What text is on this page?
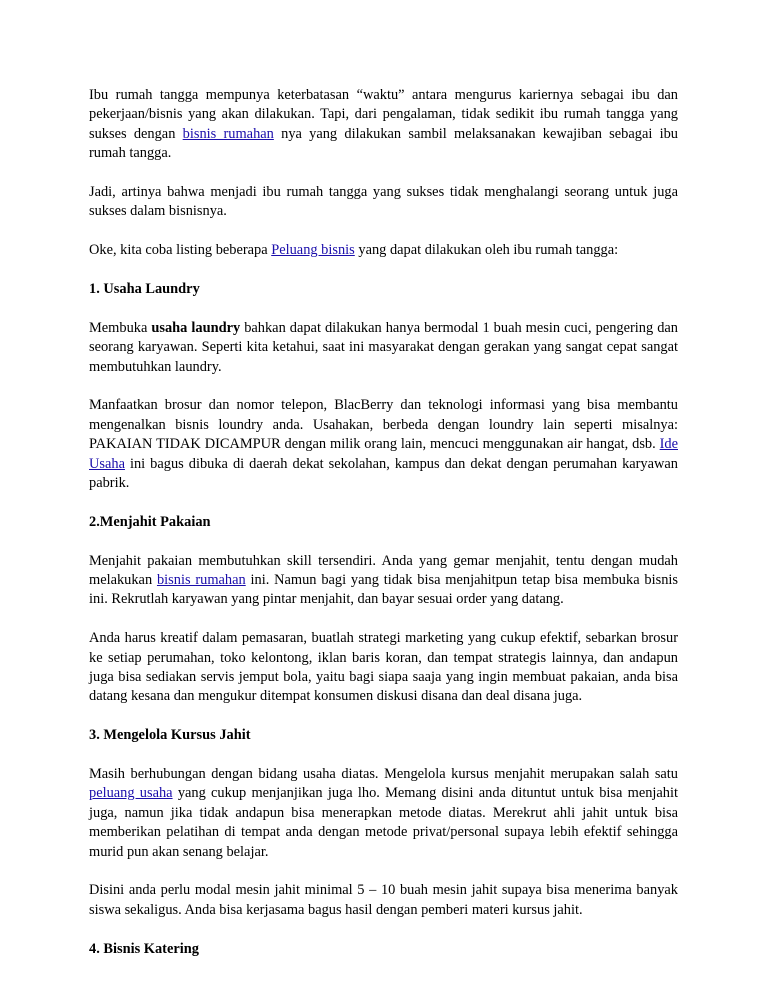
Ibu rumah tangga mempunya keterbatasan “waktu” antara mengurus kariernya sebagai ibu dan pekerjaan/bisnis yang akan dilakukan. Tapi, dari pengalaman, tidak sedikit ibu rumah tangga yang sukses dengan bisnis rumahan nya yang dilakukan sambil melaksanakan kewajiban sebagai ibu rumah tangga.

Jadi, artinya bahwa menjadi ibu rumah tangga yang sukses tidak menghalangi seorang untuk juga sukses dalam bisnisnya.

Oke, kita coba listing beberapa Peluang bisnis yang dapat dilakukan oleh ibu rumah tangga:

1. Usaha Laundry

Membuka usaha laundry bahkan dapat dilakukan hanya bermodal 1 buah mesin cuci, pengering dan seorang karyawan. Seperti kita ketahui, saat ini masyarakat dengan gerakan yang sangat cepat sangat membutuhkan laundry.

Manfaatkan brosur dan nomor telepon, BlacBerry dan teknologi informasi yang bisa membantu mengenalkan bisnis loundry anda. Usahakan, berbeda dengan loundry lain seperti misalnya: PAKAIAN TIDAK DICAMPUR dengan milik orang lain, mencuci menggunakan air hangat, dsb. Ide Usaha ini bagus dibuka di daerah dekat sekolahan, kampus dan dekat dengan perumahan karyawan pabrik.

2.Menjahit Pakaian

Menjahit pakaian membutuhkan skill tersendiri. Anda yang gemar menjahit, tentu dengan mudah melakukan bisnis rumahan ini. Namun bagi yang tidak bisa menjahitpun tetap bisa membuka bisnis ini. Rekrutlah karyawan yang pintar menjahit, dan bayar sesuai order yang datang.

Anda harus kreatif dalam pemasaran, buatlah strategi marketing yang cukup efektif, sebarkan brosur ke setiap perumahan, toko kelontong, iklan baris koran, dan tempat strategis lainnya, dan andapun juga bisa sediakan servis jemput bola, yaitu bagi siapa saaja yang ingin membuat pakaian, anda bisa datang kesana dan mengukur ditempat konsumen diskusi disana dan deal disana juga.

3. Mengelola Kursus Jahit

Masih berhubungan dengan bidang usaha diatas. Mengelola kursus menjahit merupakan salah satu peluang usaha yang cukup menjanjikan juga lho. Memang disini anda dituntut untuk bisa menjahit juga, namun jika tidak andapun bisa menerapkan metode diatas. Merekrut ahli jahit untuk bisa memberikan pelatihan di tempat anda dengan metode privat/personal supaya lebih efektif sehingga murid pun akan senang belajar.

Disini anda perlu modal mesin jahit minimal 5 – 10 buah mesin jahit supaya bisa menerima banyak siswa sekaligus. Anda bisa kerjasama bagus hasil dengan pemberi materi kursus jahit.

4. Bisnis Katering
